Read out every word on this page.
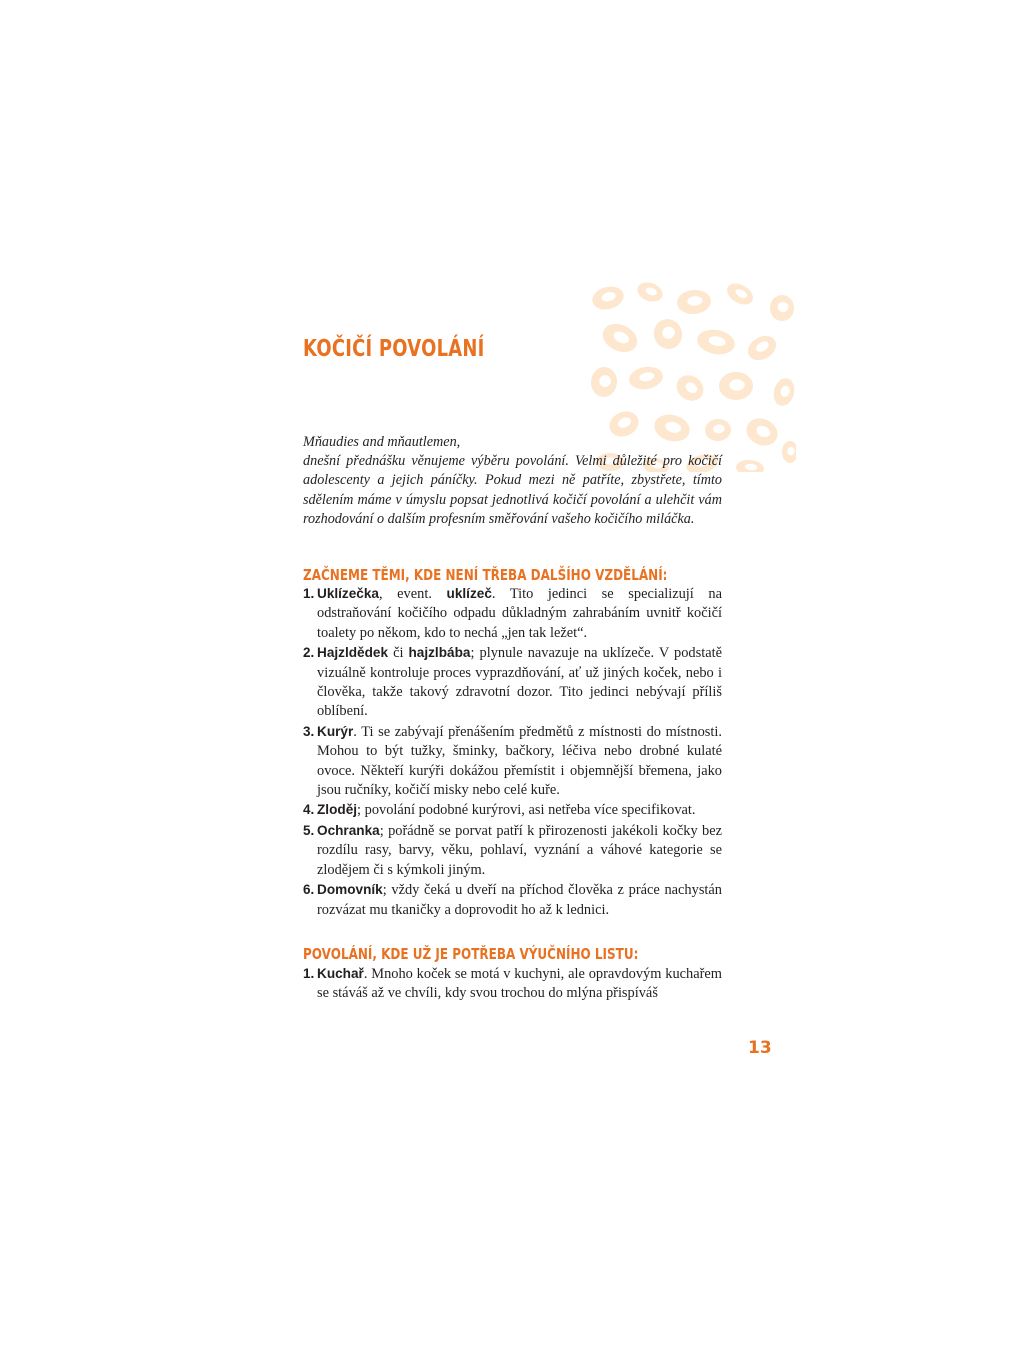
KOČIČÍ POVOLÁNÍ

Mňaudies and mňautlemen,
dnešní přednášku věnujeme výběru povolání. Velmi důležité pro kočičí adolescenty a jejich páníčky. Pokud mezi ně patříte, zbystřete, tímto sdělením máme v úmyslu popsat jednotlivá kočičí povolání a ulehčit vám rozhodování o dalším profesním směřování vašeho kočičího miláčka.

ZAČNEME TĚMI, KDE NENÍ TŘEBA DALŠÍHO VZDĚLÁNÍ:
1. Uklízečka, event. uklízeč. Tito jedinci se specializují na odstraňování kočičího odpadu důkladným zahrabáním uvnitř kočičí toalety po někom, kdo to nechá „jen tak ležet“.
2. Hajzldědek či hajzlbába; plynule navazuje na uklízeče. V podstatě vizuálně kontroluje proces vyprazdňování, ať už jiných koček, nebo i člověka, takže takový zdravotní dozor. Tito jedinci nebývají příliš oblíbení.
3. Kurýr. Ti se zabývají přenášením předmětů z místnosti do místnosti. Mohou to být tužky, šminky, bačkory, léčiva nebo drobné kulaté ovoce. Někteří kurýři dokážou přemístit i objemnější břemena, jako jsou ručníky, kočičí misky nebo celé kuře.
4. Zloděj; povolání podobné kurýrovi, asi netřeba více specifikovat.
5. Ochranka; pořádně se porvat patří k přirozenosti jakékoli kočky bez rozdílu rasy, barvy, věku, pohlaví, vyznání a váhové kategorie se zlodějem či s kýmkoli jiným.
6. Domovník; vždy čeká u dveří na příchod člověka z práce nachystán rozvázat mu tkaničky a doprovodit ho až k lednici.
POVOLÁNÍ, KDE UŽ JE POTŘEBA VÝUČNÍHO LISTU:
1. Kuchař. Mnoho koček se motá v kuchyni, ale opravdovým kuchařem se stáváš až ve chvíli, kdy svou trochou do mlýna přispíváš

13
